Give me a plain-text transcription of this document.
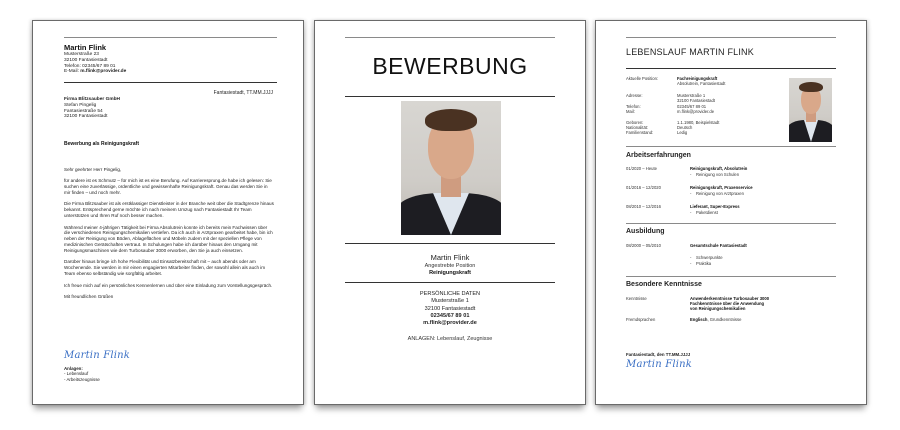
Martin Flink
Musterstraße 23
32100 Fantasiestadt
Telefon: 02345/67 89 01
E-Mail: m.flink@provider.de
Fantasiestadt, TT.MM.JJJJ
Firma Blitzsauber GmbH
Stefan Pingelig
Fantasiestraße 54
32100 Fantasiestadt
Bewerbung als Reinigungskraft

Sehr geehrter Herr Pingelig,

für andere ist es Schmutz – für mich ist es eine Berufung. Auf Karrieresprung.de habe ich gelesen: Sie suchen eine zuverlässige, ordentliche und gewissenhafte Reinigungskraft. Genau das werden Sie in mir finden – und noch mehr.

Die Firma Blitzsauber ist als erstklassiger Dienstleister in der Branche weit über die Stadtgrenze hinaus bekannt. Entsprechend gerne möchte ich nach meinem Umzug nach Fantasiestadt Ihr Team unterstützen und Ihren Ruf noch besser machen.

Während meiner 4-jährigen Tätigkeit bei Firma Absolutrein konnte ich bereits mein Fachwissen über die verschiedenen Reinigungschemikalien vertiefen. Da ich auch in Arztpraxen gearbeitet habe, bin ich neben der Reinigung von Böden, Ablageflächen und Möbeln zudem mit der speziellen Pflege von medizinischen Gerätschaften vertraut. In Schulungen habe ich darüber hinaus den Umgang mit Reinigungsmaschinen wie dem Turbosauber 3000 erworben, den Sie ja auch einsetzen.

Darüber hinaus bringe ich hohe Flexibilität und Einsatzbereitschaft mit – auch abends oder am Wochenende. Sie werden in mir einen engagierten Mitarbeiter finden, der sowohl allein als auch im Team ebenso selbständig wie sorgfältig arbeitet.

Ich freue mich auf ein persönliches Kennenlernen und über eine Einladung zum Vorstellungsgespräch.

Mit freundlichen Grüßen

Martin Flink
Anlagen:
- Lebenslauf
- Arbeitszeugnisse
BEWERBUNG
Martin Flink
Angestrebte Position
Reinigungskraft
PERSÖNLICHE DATEN
Musterstraße 1
32100 Fantasiestadt
02345/67 89 01
m.flink@provider.de
ANLAGEN: Lebenslauf, Zeugnisse
LEBENSLAUF MARTIN FLINK
Aktuelle Position:	Fachreinigungskraft
Absolutrein, Fantasiestadt
Adresse:	Musterstraße 1
32100 Fantasiestadt
Telefon:	02345/67 89 01
Mail:	m.flink@provider.de
Geboren:	1.1.1980, Beispielstadt
Nationalität:	Deutsch
Familienstand:	Ledig
Arbeitserfahrungen
01/2020 – Heute	Reinigungskraft, Absolutrein
- Reinigung von Schulen
01/2016 – 12/2020	Reinigungskraft, Praxenservice
- Reinigung von Arztpraxen
08/2010 – 12/2016	Lieferant, Super-Express
- Paketdienst
Ausbildung
08/2000 – 05/2010	Gesamtschule Fantasiestadt
- Schwerpunkte
- Praktika
Besondere Kenntnisse
Kenntnisse	Anwenderkenntnisse Turbosauber 3000
Fachkenntnisse über die Anwendung
von Reinigungschemikalien
Fremdsprachen	Englisch, Grundkenntnisse
Fantasiestadt, den TT.MM.JJJJ
Martin Flink
